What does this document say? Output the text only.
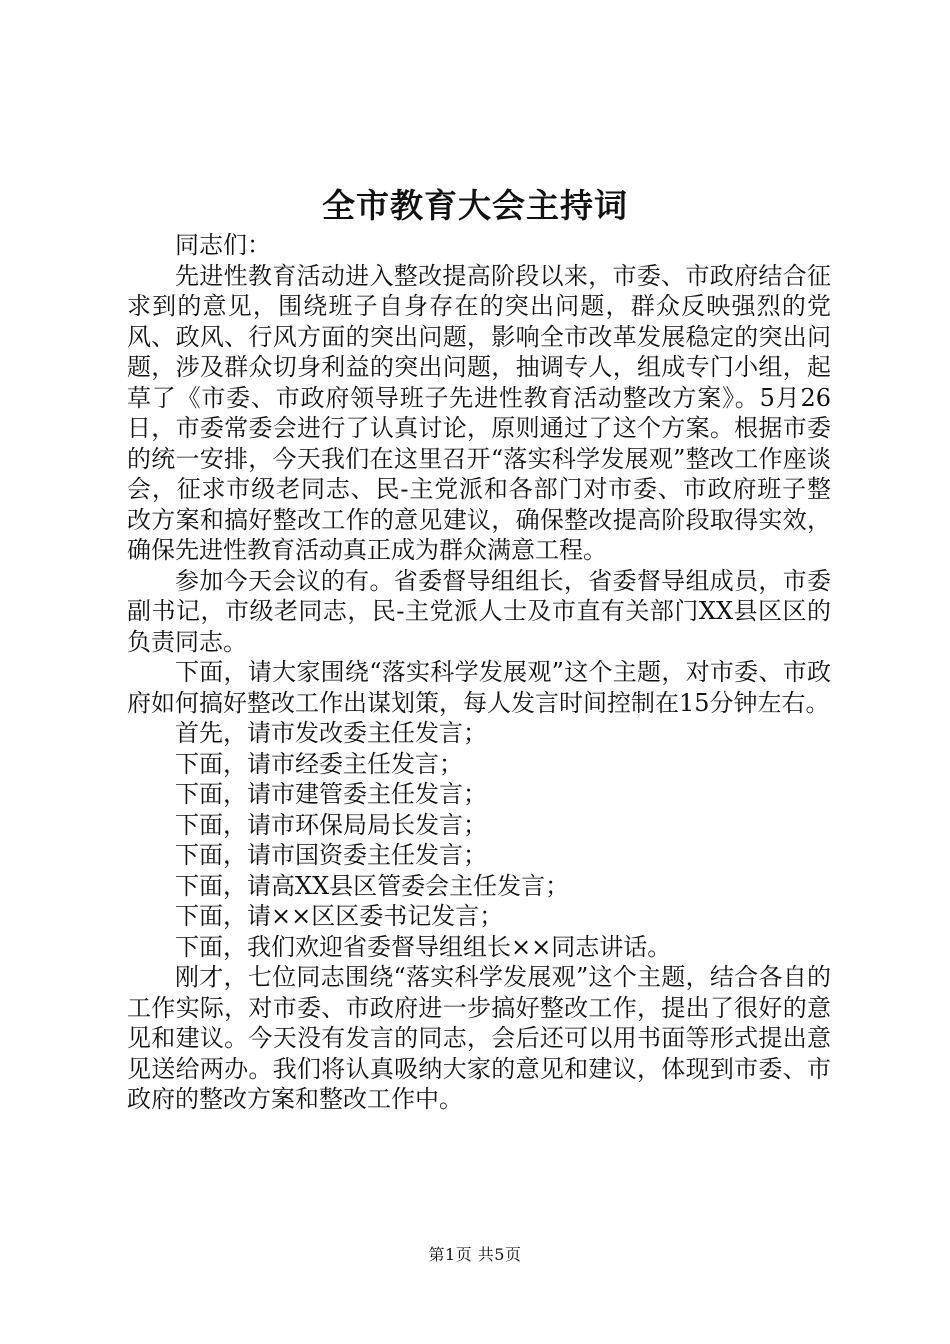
全市教育大会主持词

同志们：

先进性教育活动进入整改提高阶段以来，市委、市政府结合征求到的意见，围绕班子自身存在的突出问题，群众反映强烈的党风、政风、行风方面的突出问题，影响全市改革发展稳定的突出问题，涉及群众切身利益的突出问题，抽调专人，组成专门小组，起草了《市委、市政府领导班子先进性教育活动整改方案》。5月26日，市委常委会进行了认真讨论，原则通过了这个方案。根据市委的统一安排，今天我们在这里召开“落实科学发展观”整改工作座谈会，征求市级老同志、民-主党派和各部门对市委、市政府班子整改方案和搞好整改工作的意见建议，确保整改提高阶段取得实效，确保先进性教育活动真正成为群众满意工程。

参加今天会议的有。省委督导组组长，省委督导组成员，市委副书记，市级老同志，民-主党派人士及市直有关部门XX县区区的负责同志。

下面，请大家围绕“落实科学发展观”这个主题，对市委、市政府如何搞好整改工作出谋划策，每人发言时间控制在15分钟左右。

首先，请市发改委主任发言；

下面，请市经委主任发言；

下面，请市建管委主任发言；

下面，请市环保局局长发言；

下面，请市国资委主任发言；

下面，请高XX县区管委会主任发言；

下面，请××区区委书记发言；

下面，我们欢迎省委督导组组长××同志讲话。

刚才，七位同志围绕“落实科学发展观”这个主题，结合各自的工作实际，对市委、市政府进一步搞好整改工作，提出了很好的意见和建议。今天没有发言的同志，会后还可以用书面等形式提出意见送给两办。我们将认真吸纳大家的意见和建议，体现到市委、市政府的整改方案和整改工作中。

第1页 共5页
